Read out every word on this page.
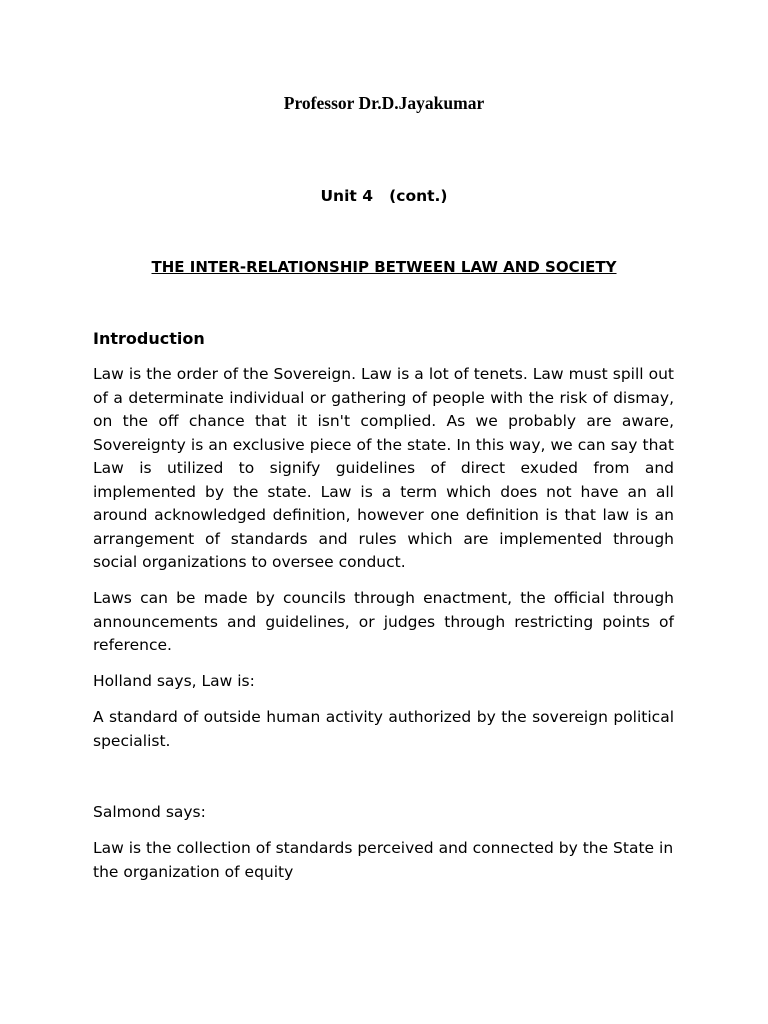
Professor Dr.D.Jayakumar
Unit 4   (cont.)
THE INTER-RELATIONSHIP BETWEEN LAW AND SOCIETY
Introduction

Law is the order of the Sovereign. Law is a lot of tenets. Law must spill out of a determinate individual or gathering of people with the risk of dismay, on the off chance that it isn't complied. As we probably are aware, Sovereignty is an exclusive piece of the state. In this way, we can say that Law is utilized to signify guidelines of direct exuded from and implemented by the state. Law is a term which does not have an all around acknowledged definition, however one definition is that law is an arrangement of standards and rules which are implemented through social organizations to oversee conduct.

Laws can be made by councils through enactment, the official through announcements and guidelines, or judges through restricting points of reference.

Holland says, Law is:

A standard of outside human activity authorized by the sovereign political specialist.

Salmond says:

Law is the collection of standards perceived and connected by the State in the organization of equity
